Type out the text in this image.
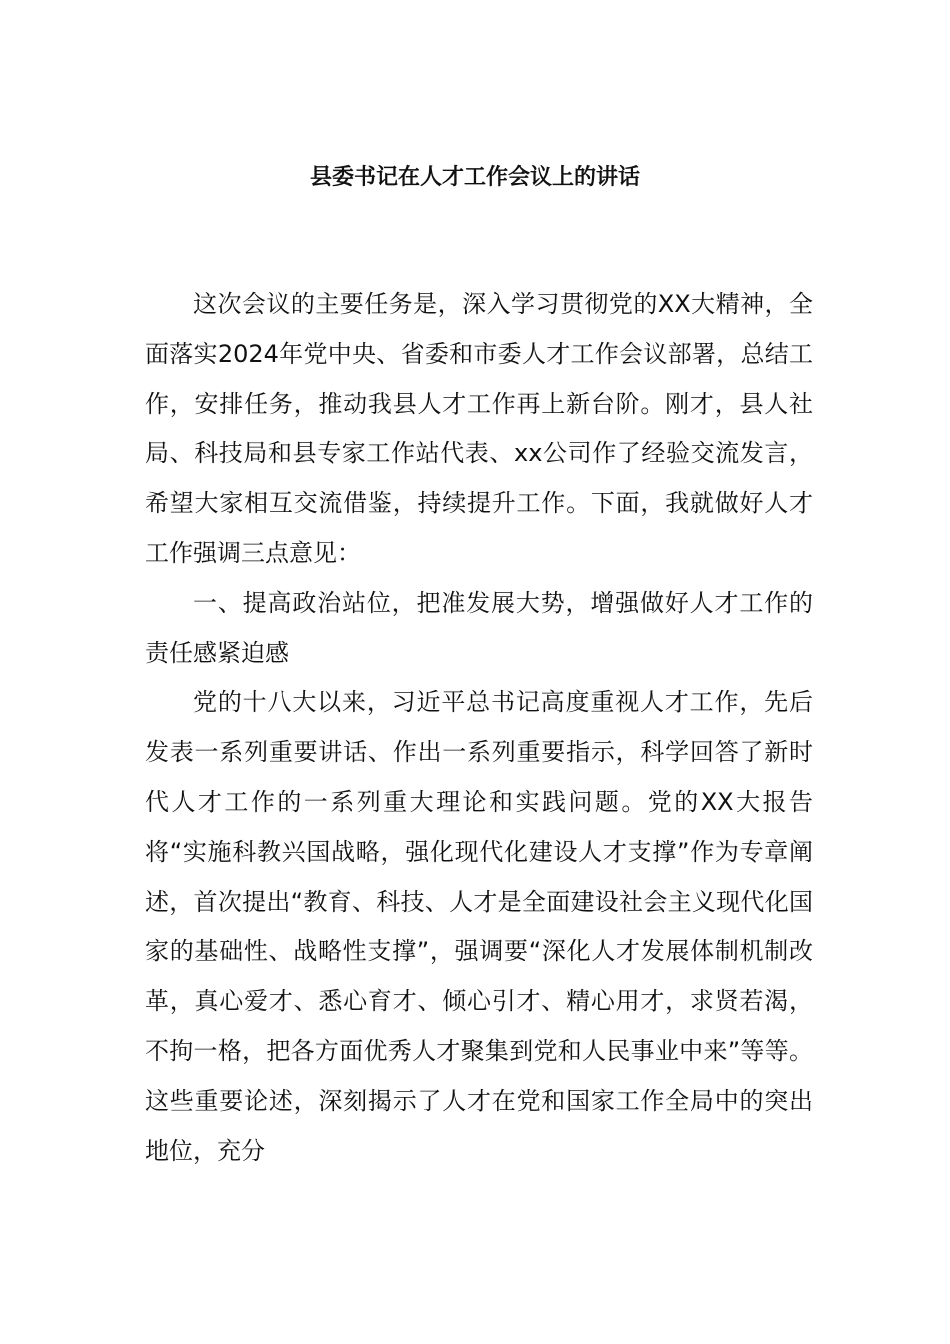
县委书记在人才工作会议上的讲话

这次会议的主要任务是，深入学习贯彻党的XX大精神，全面落实2024年党中央、省委和市委人才工作会议部署，总结工作，安排任务，推动我县人才工作再上新台阶。刚才，县人社局、科技局和县专家工作站代表、xx公司作了经验交流发言，希望大家相互交流借鉴，持续提升工作。下面，我就做好人才工作强调三点意见：

一、提高政治站位，把准发展大势，增强做好人才工作的责任感紧迫感

党的十八大以来，习近平总书记高度重视人才工作，先后发表一系列重要讲话、作出一系列重要指示，科学回答了新时代人才工作的一系列重大理论和实践问题。党的XX大报告将“实施科教兴国战略，强化现代化建设人才支撑”作为专章阐述，首次提出“教育、科技、人才是全面建设社会主义现代化国家的基础性、战略性支撑”，强调要“深化人才发展体制机制改革，真心爱才、悉心育才、倾心引才、精心用才，求贤若渴，不拘一格，把各方面优秀人才聚集到党和人民事业中来”等等。这些重要论述，深刻揭示了人才在党和国家工作全局中的突出地位，充分
